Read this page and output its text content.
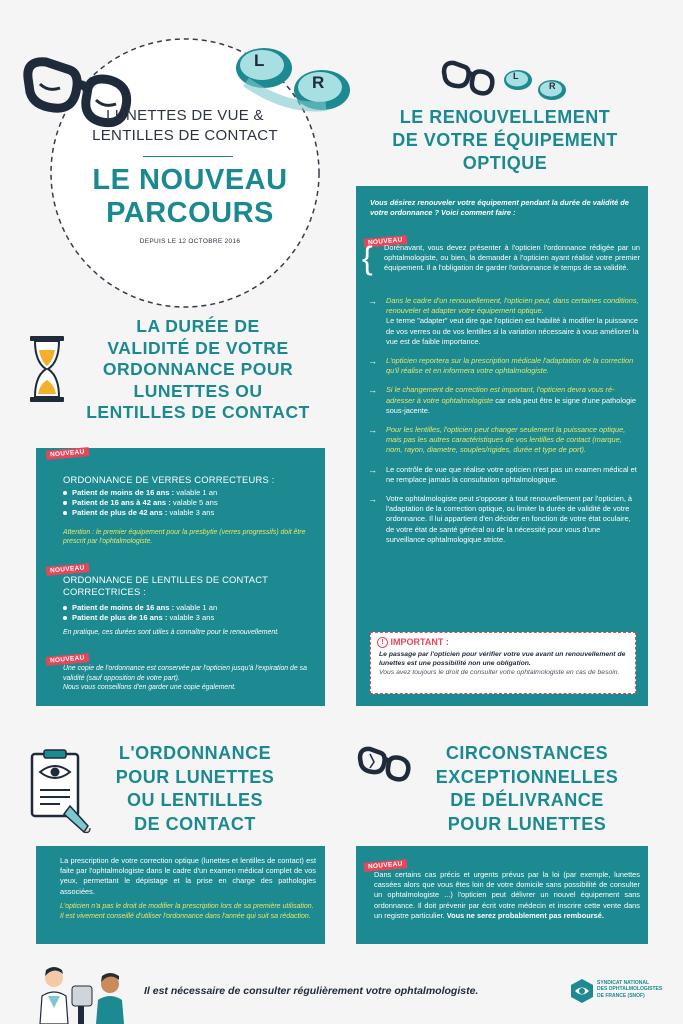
L
R
LUNETTES DE VUE &
LENTILLES DE CONTACT
LE NOUVEAU
PARCOURS
DEPUIS LE 12 OCTOBRE 2016
LA DURÉE DE
VALIDITÉ DE VOTRE
ORDONNANCE POUR
LUNETTES OU
LENTILLES DE CONTACT
NOUVEAU
ORDONNANCE DE VERRES CORRECTEURS :
Patient de moins de 16 ans : valable 1 an
Patient de 16 ans à 42 ans : valable 5 ans
Patient de plus de 42 ans : valable 3 ans

Attention : le premier équipement pour la presbytie (verres progressifs) doit être prescrit par l'ophtalmologiste.

NOUVEAU
ORDONNANCE DE LENTILLES DE CONTACT
CORRECTRICES :
Patient de moins de 16 ans : valable 1 an
Patient de plus de 16 ans : valable 3 ans

En pratique, ces durées sont utiles à connaître pour le renouvellement.

NOUVEAU

Une copie de l'ordonnance est conservée par l'opticien jusqu'à l'expiration de sa validité (sauf opposition de votre part).
Nous vous conseillons d'en garder une copie également.

L
R
LE RENOUVELLEMENT
DE VOTRE ÉQUIPEMENT
OPTIQUE

Vous désirez renouveler votre équipement pendant la durée de validité de votre ordonnance ? Voici comment faire :

NOUVEAU
{ Dorénavant, vous devez présenter à l'opticien l'ordonnance rédigée par un ophtalmologiste, ou bien, la demander à l'opticien ayant réalisé votre premier équipement. Il a l'obligation de garder l'ordonnance le temps de sa validité.

→ Dans le cadre d'un renouvellement, l'opticien peut, dans certaines conditions, renouveler et adapter votre équipement optique.
Le terme "adapter" veut dire que l'opticien est habilité à modifier la puissance de vos verres ou de vos lentilles si la variation nécessaire à vous améliorer la vue est de faible importance.
→ L'opticien reportera sur la prescription médicale l'adaptation de la correction qu'il réalise et en informera votre ophtalmologiste.
→ Si le changement de correction est important, l'opticien devra vous ré-adresser à votre ophtalmologiste car cela peut être le signe d'une pathologie sous-jacente.
→ Pour les lentilles, l'opticien peut changer seulement la puissance optique, mais pas les autres caractéristiques de vos lentilles de contact (marque, nom, rayon, diametre, souples/rigides, durée et type de port).
→ Le contrôle de vue que réalise votre opticien n'est pas un examen médical et ne remplace jamais la consultation ophtalmologique.
→ Votre ophtalmologiste peut s'opposer à tout renouvellement par l'opticien, à l'adaptation de la correction optique, ou limiter la durée de validité de votre ordonnance. Il lui appartient d'en décider en fonction de votre état oculaire, de votre état de santé général ou de la nécessité pour vous d'une surveillance ophtalmologique stricte.
! IMPORTANT :

Le passage par l'opticien pour vérifier votre vue avant un renouvellement de lunettes est une possibilité non une obligation.
Vous avez toujours le droit de consulter votre ophtalmologiste en cas de besoin.

L'ORDONNANCE
POUR LUNETTES
OU LENTILLES
DE CONTACT

La prescription de votre correction optique (lunettes et lentilles de contact) est faite par l'ophtalmologiste dans le cadre d'un examen médical complet de vos yeux, permettant le dépistage et la prise en charge des pathologies associées.

L'opticien n'a pas le droit de modifier la prescription lors de sa première utilisation. Il est vivement conseillé d'utiliser l'ordonnance dans l'année qui suit sa rédaction.

CIRCONSTANCES
EXCEPTIONNELLES
DE DÉLIVRANCE
POUR LUNETTES
NOUVEAU

Dans certains cas précis et urgents prévus par la loi (par exemple, lunettes cassées alors que vous êtes loin de votre domicile sans possibilité de consulter un ophtalmologiste ...) l'opticien peut délivrer un nouvel équipement sans ordonnance. Il doit prévenir par écrit votre médecin et inscrire cette vente dans un registre particulier. Vous ne serez probablement pas remboursé.

Il est nécessaire de consulter régulièrement votre ophtalmologiste.
SYNDICAT NATIONAL
DES OPHTALMOLOGISTES
DE FRANCE (SNOF)
